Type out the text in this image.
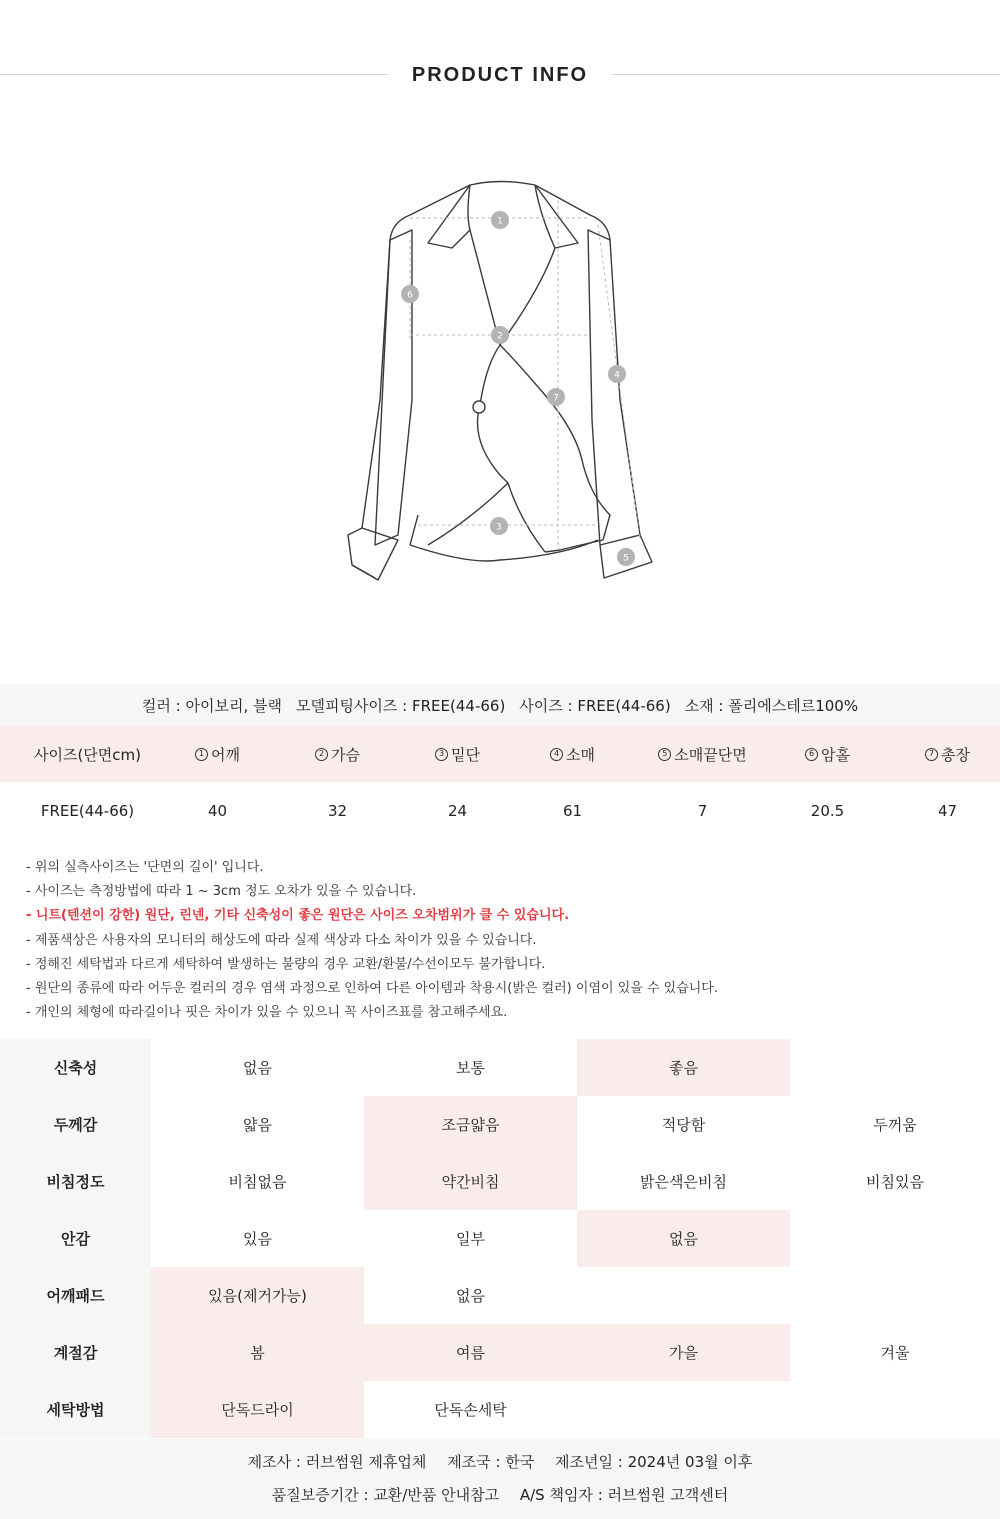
PRODUCT INFO
1
2
3
4
5
6
7
컬러 : 아이보리, 블랙 모델피팅사이즈 : FREE(44-66) 사이즈 : FREE(44-66) 소재 : 폴리에스테르100%
사이즈(단면cm)	1 어깨	2 가슴	3 밑단	4 소매	5 소매끝단면	6 암홀	7 총장
FREE(44-66)	40	32	24	61	7	20.5	47
- 위의 실측사이즈는 '단면의 길이' 입니다.
- 사이즈는 측정방법에 따라 1 ~ 3cm 정도 오차가 있을 수 있습니다.
- 니트(텐션이 강한) 원단, 린넨, 기타 신축성이 좋은 원단은 사이즈 오차범위가 클 수 있습니다.
- 제품색상은 사용자의 모니터의 해상도에 따라 실제 색상과 다소 차이가 있을 수 있습니다.
- 정해진 세탁법과 다르게 세탁하여 발생하는 불량의 경우 교환/환불/수선이모두 불가합니다.
- 원단의 종류에 따라 어두운 컬러의 경우 염색 과정으로 인하여 다른 아이템과 착용시(밝은 컬러) 이염이 있을 수 있습니다.
- 개인의 체형에 따라길이나 핏은 차이가 있을 수 있으니 꼭 사이즈표를 참고해주세요.
신축성	없음	보통	좋음
두께감	얇음	조금얇음	적당함	두꺼움
비침정도	비침없음	약간비침	밝은색은비침	비침있음
안감	있음	일부	없음
어깨패드	있음(제거가능)	없음
계절감	봄	여름	가을	겨울
세탁방법	단독드라이	단독손세탁
제조사 : 러브썸원 제휴업체 제조국 : 한국 제조년일 : 2024년 03월 이후
품질보증기간 : 교환/반품 안내참고 A/S 책임자 : 러브썸원 고객센터
